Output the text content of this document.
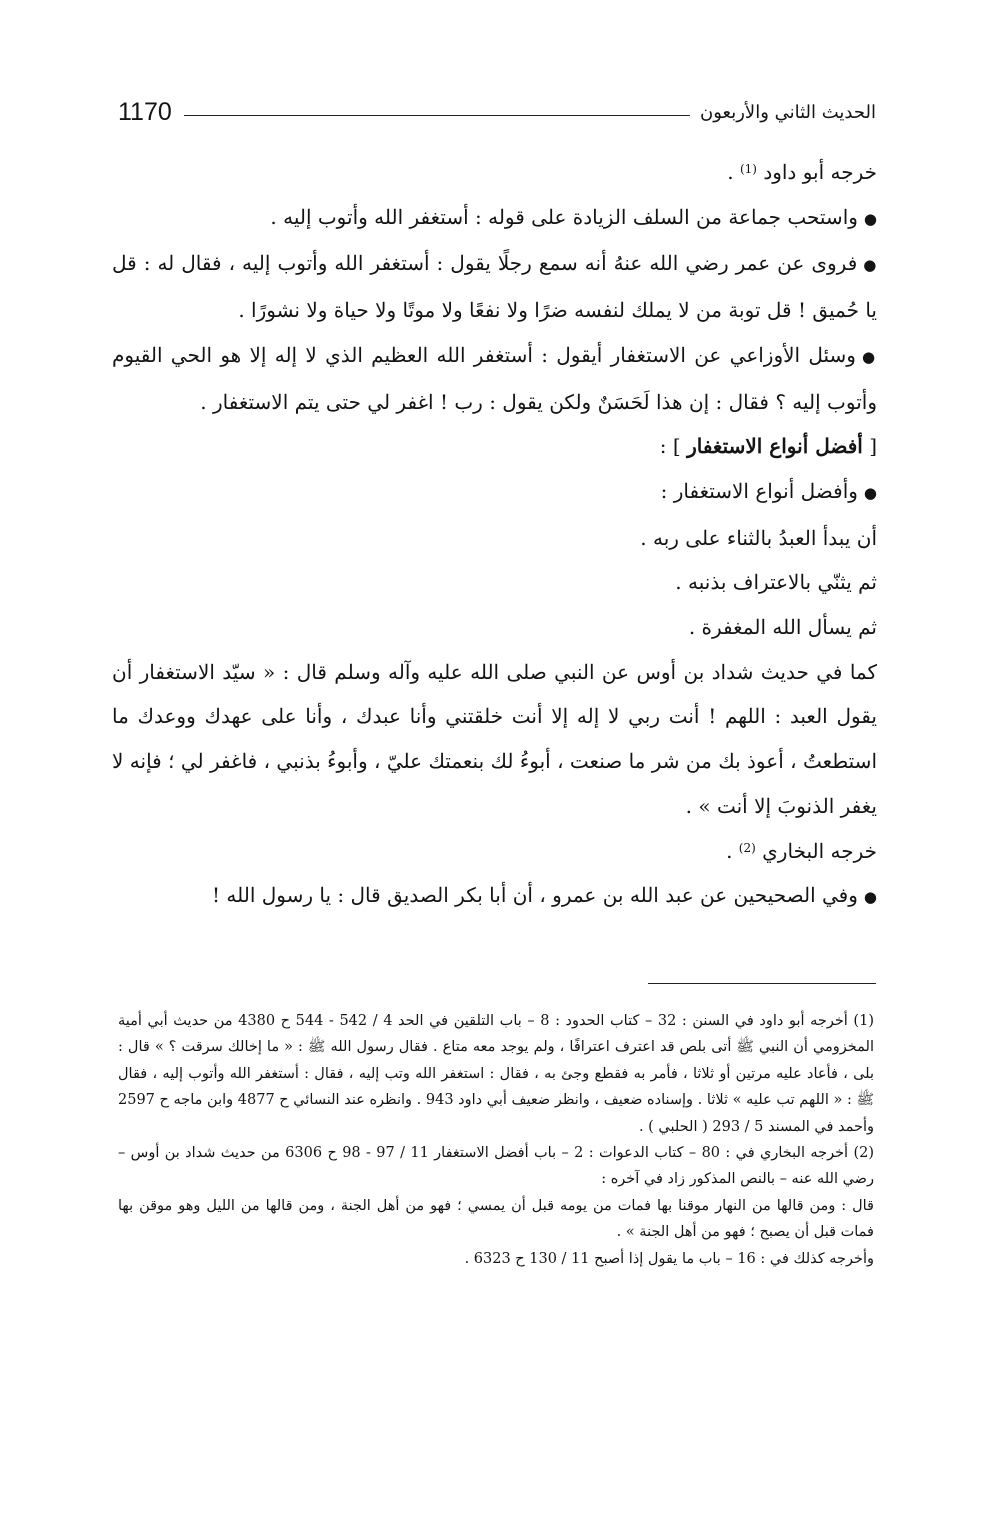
1170	الحديث الثاني والأربعون

خرجه أبو داود $^{(1)}$ .

●واستحب جماعة من السلف الزيادة على قوله : أستغفر الله وأتوب إليه .

●فروى عن عمر رضي الله عنهُ أنه سمع رجلًا يقول : أستغفر الله وأتوب إليه ، فقال له : قل يا حُميق ! قل توبة من لا يملك لنفسه ضرًا ولا نفعًا ولا موتًا ولا حياة ولا نشورًا .

●وسئل الأوزاعي عن الاستغفار أيقول : أستغفر الله العظيم الذي لا إله إلا هو الحي القيوم وأتوب إليه ؟ فقال : إن هذا لَحَسَنٌ ولكن يقول : رب ! اغفر لي حتى يتم الاستغفار .

[ أفضل أنواع الاستغفار ] :

●وأفضل أنواع الاستغفار :

أن يبدأ العبدُ بالثناء على ربه .

ثم يثنّي بالاعتراف بذنبه .

ثم يسأل الله المغفرة .

كما في حديث شداد بن أوس عن النبي صلى الله عليه وآله وسلم قال : « سيّد الاستغفار أن يقول العبد : اللهم ! أنت ربي لا إله إلا أنت خلقتني وأنا عبدك ، وأنا على عهدك ووعدك ما استطعتُ ، أعوذ بك من شر ما صنعت ، أبوءُ لك بنعمتك عليّ ، وأبوءُ بذنبي ، فاغفر لي ؛ فإنه لا يغفر الذنوبَ إلا أنت » .

خرجه البخاري $^{(2)}$ .

●وفي الصحيحين عن عبد الله بن عمرو ، أن أبا بكر الصديق قال : يا رسول الله !

(1) أخرجه أبو داود في السنن : 32 – كتاب الحدود : 8 – باب التلقين في الحد 4 / 542 - 544 ح 4380 من حديث أبي أمية المخزومي أن النبي ﷺ أتى بلص قد اعترف اعترافًا ، ولم يوجد معه متاع . فقال رسول الله ﷺ : « ما إخالك سرقت ؟ » قال : بلى ، فأعاد عليه مرتين أو ثلاثا ، فأمر به فقطع وجئ به ، فقال : استغفر الله وتب إليه ، فقال : أستغفر الله وأتوب إليه ، فقال ﷺ : « اللهم تب عليه » ثلاثا . وإسناده ضعيف ، وانظر ضعيف أبي داود 943 . وانظره عند النسائي ح 4877 وابن ماجه ح 2597 وأحمد في المسند 5 / 293 ( الحلبي ) .

(2) أخرجه البخاري في : 80 – كتاب الدعوات : 2 – باب أفضل الاستغفار 11 / 97 - 98 ح 6306 من حديث شداد بن أوس – رضي الله عنه – بالنص المذكور زاد في آخره :

قال : ومن قالها من النهار موقنا بها فمات من يومه قبل أن يمسي ؛ فهو من أهل الجنة ، ومن قالها من الليل وهو موقن بها فمات قبل أن يصبح ؛ فهو من أهل الجنة » .

وأخرجه كذلك في : 16 – باب ما يقول إذا أصبح 11 / 130 ح 6323 .
